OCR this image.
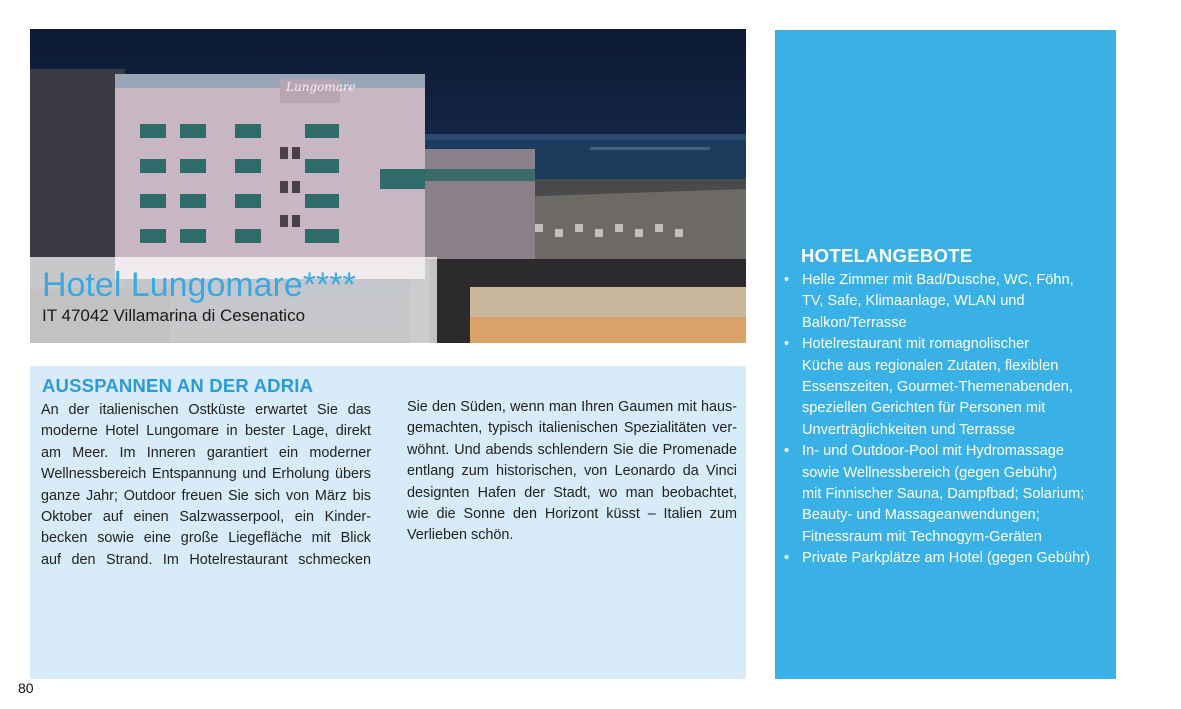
Lungomare
Hotel Lungomare****
IT 47042 Villamarina di Cesenatico
AUSSPANNEN AN DER ADRIA
An der italienischen Ostküste erwartet Sie das
moderne Hotel Lungomare in bester Lage, direkt
am Meer. Im Inneren garantiert ein moderner
Wellnessbereich Entspannung und Erholung übers
ganze Jahr; Outdoor freuen Sie sich von März bis
Oktober auf einen Salzwasserpool, ein Kinder-
becken sowie eine große Liegefläche mit Blick
auf den Strand. Im Hotelrestaurant schmecken
Sie den Süden, wenn man Ihren Gaumen mit haus-
gemachten, typisch italienischen Spezialitäten ver-
wöhnt. Und abends schlendern Sie die Promenade
entlang zum historischen, von Leonardo da Vinci
designten Hafen der Stadt, wo man beobachtet,
wie die Sonne den Horizont küsst – Italien zum
Verlieben schön.
HOTELANGEBOTE
• Helle Zimmer mit Bad/Dusche, WC, Föhn,
TV, Safe, Klimaanlage, WLAN und
Balkon/Terrasse
• Hotelrestaurant mit romagnolischer
Küche aus regionalen Zutaten, flexiblen
Essenszeiten, Gourmet-Themenabenden,
speziellen Gerichten für Personen mit
Unverträglichkeiten und Terrasse
• In- und Outdoor-Pool mit Hydromassage
sowie Wellnessbereich (gegen Gebühr)
mit Finnischer Sauna, Dampfbad; Solarium;
Beauty- und Massageanwendungen;
Fitnessraum mit Technogym-Geräten
• Private Parkplätze am Hotel (gegen Gebühr)
80
